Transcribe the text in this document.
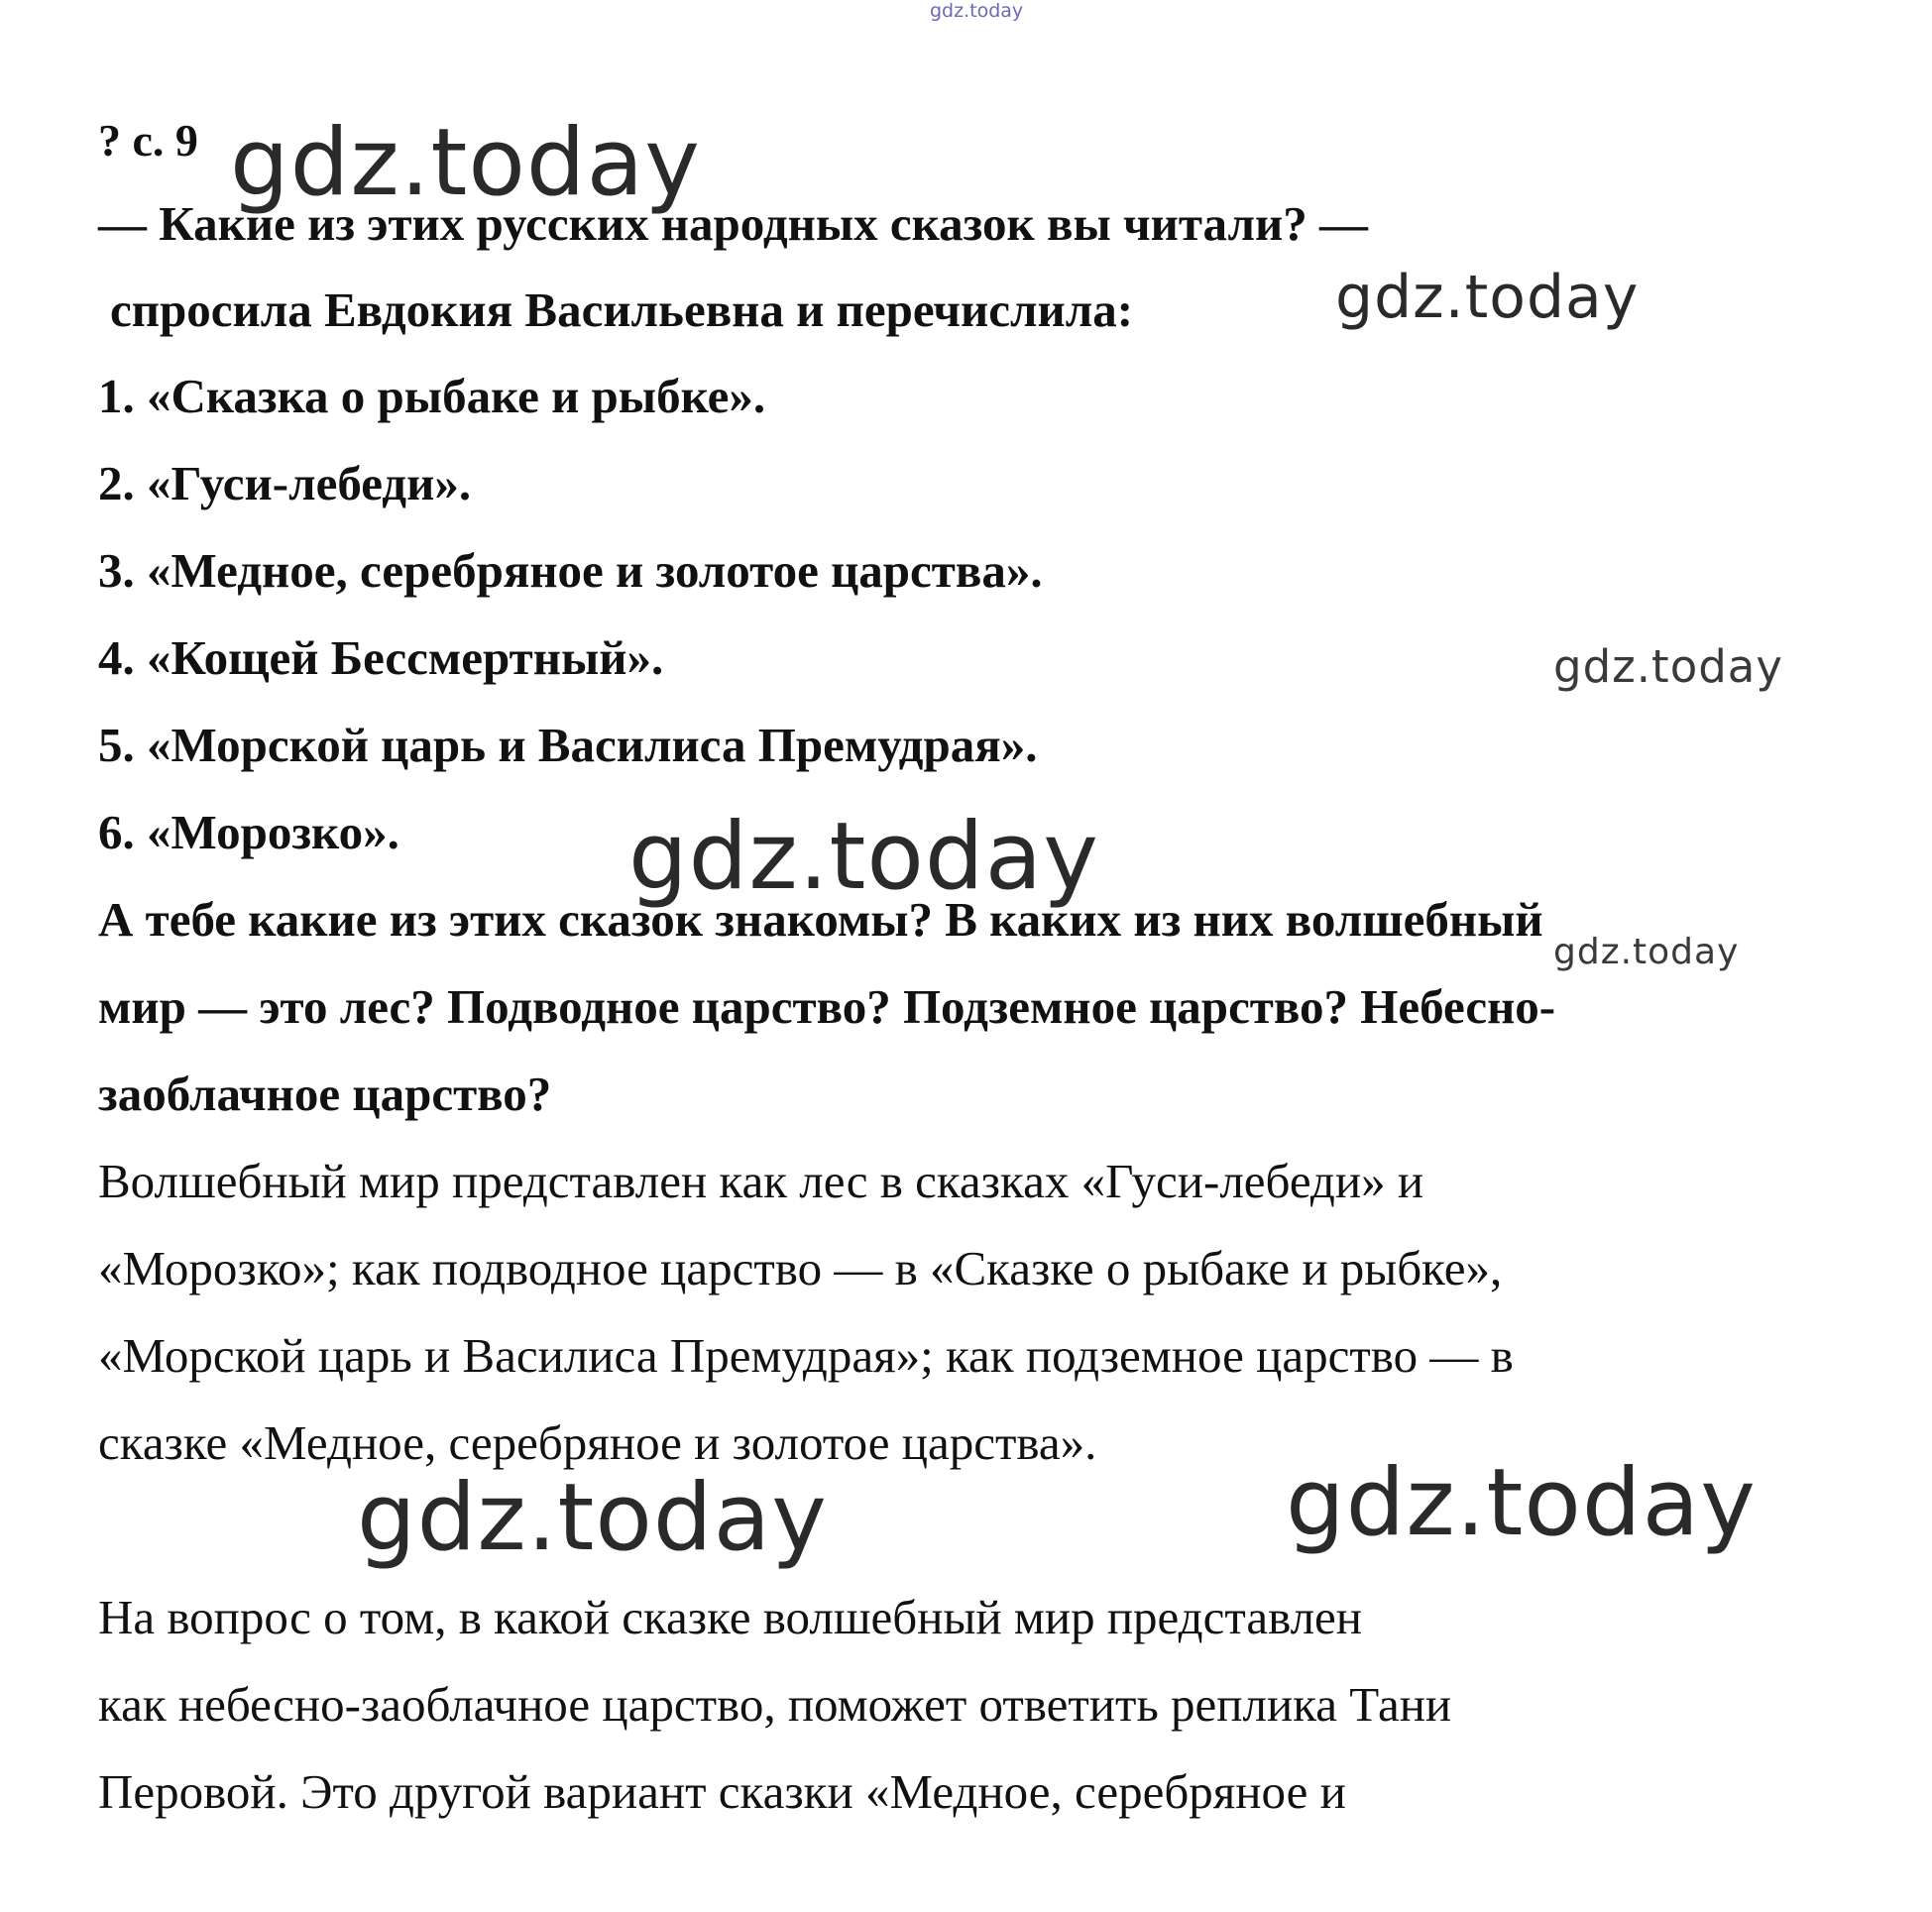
gdz.today
? с. 9
— Какие из этих русских народных сказок вы читали? —
спросила Евдокия Васильевна и перечислила:
1. «Сказка о рыбаке и рыбке».
2. «Гуси-лебеди».
3. «Медное, серебряное и золотое царства».
4. «Кощей Бессмертный».
5. «Морской царь и Василиса Премудрая».
6. «Морозко».
А тебе какие из этих сказок знакомы? В каких из них волшебный
мир — это лес? Подводное царство? Подземное царство? Небесно-
заоблачное царство?
Волшебный мир представлен как лес в сказках «Гуси-лебеди» и
«Морозко»; как подводное царство — в «Сказке о рыбаке и рыбке»,
«Морской царь и Василиса Премудрая»; как подземное царство — в
сказке «Медное, серебряное и золотое царства».
На вопрос о том, в какой сказке волшебный мир представлен
как небесно-заоблачное царство, поможет ответить реплика Тани
Перовой. Это другой вариант сказки «Медное, серебряное и
gdz.today
gdz.today
gdz.today
gdz.today
gdz.today
gdz.today	gdz.today
